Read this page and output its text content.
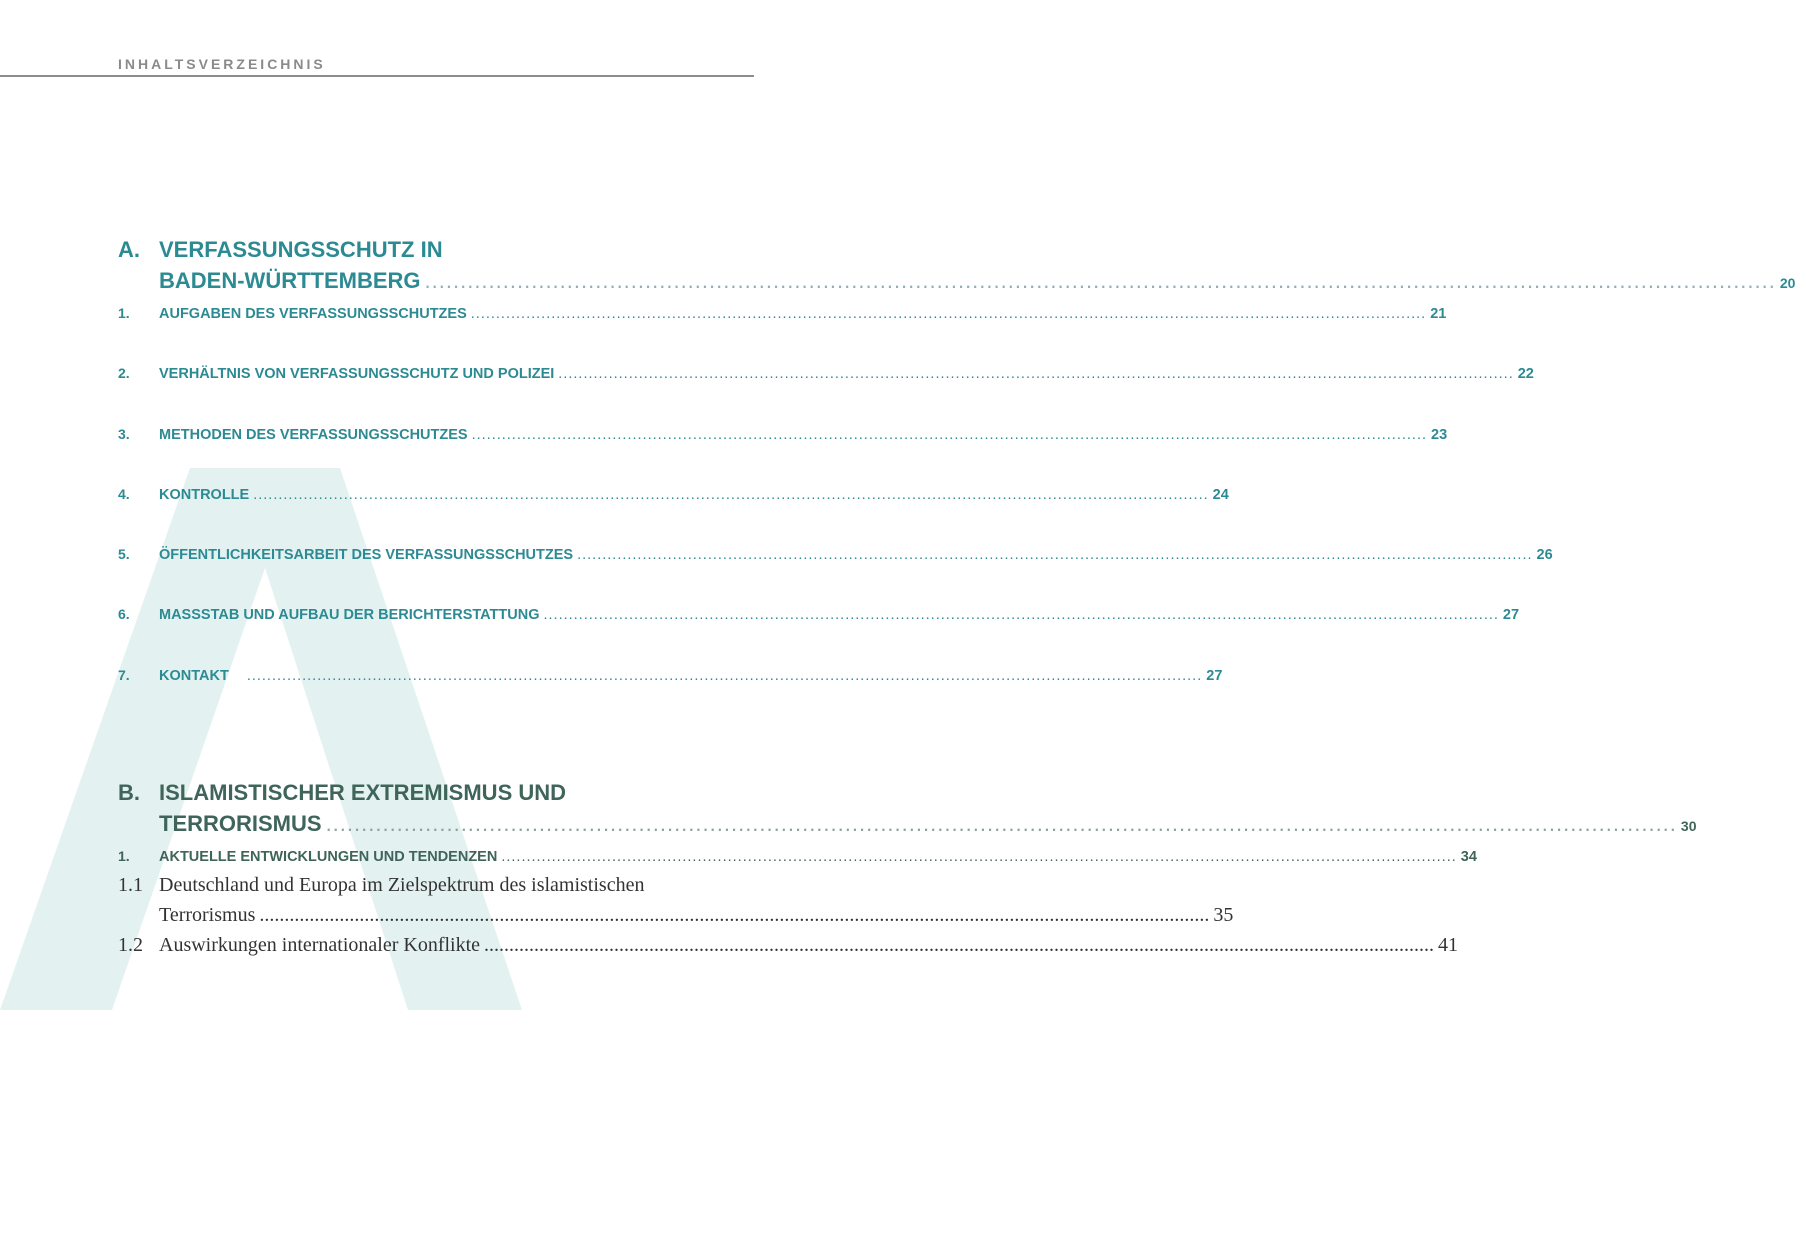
INHALTSVERZEICHNIS
A. VERFASSUNGSSCHUTZ IN
BADEN-WÜRTTEMBERG .............................................................................................................................................................................................. 20
1.	AUFGABEN DES VERFASSUNGSSCHUTZES .............................................................................................................................................................................................. 21
2.	VERHÄLTNIS VON VERFASSUNGSSCHUTZ UND POLIZEI .............................................................................................................................................................................................. 22
3.	METHODEN DES VERFASSUNGSSCHUTZES .............................................................................................................................................................................................. 23
4.	KONTROLLE .............................................................................................................................................................................................. 24
5.	ÖFFENTLICHKEITSARBEIT DES VERFASSUNGSSCHUTZES .............................................................................................................................................................................................. 26
6.	MASSSTAB UND AUFBAU DER BERICHTERSTATTUNG .............................................................................................................................................................................................. 27
7.	KONTAKT .............................................................................................................................................................................................. 27
B. ISLAMISTISCHER EXTREMISMUS UND
TERRORISMUS .............................................................................................................................................................................................. 30
1.	AKTUELLE ENTWICKLUNGEN UND TENDENZEN .............................................................................................................................................................................................. 34
1.1 Deutschland und Europa im Zielspektrum des islamistischen
Terrorismus .............................................................................................................................................................................................. 35
1.2 Auswirkungen internationaler Konflikte .............................................................................................................................................................................................. 41
